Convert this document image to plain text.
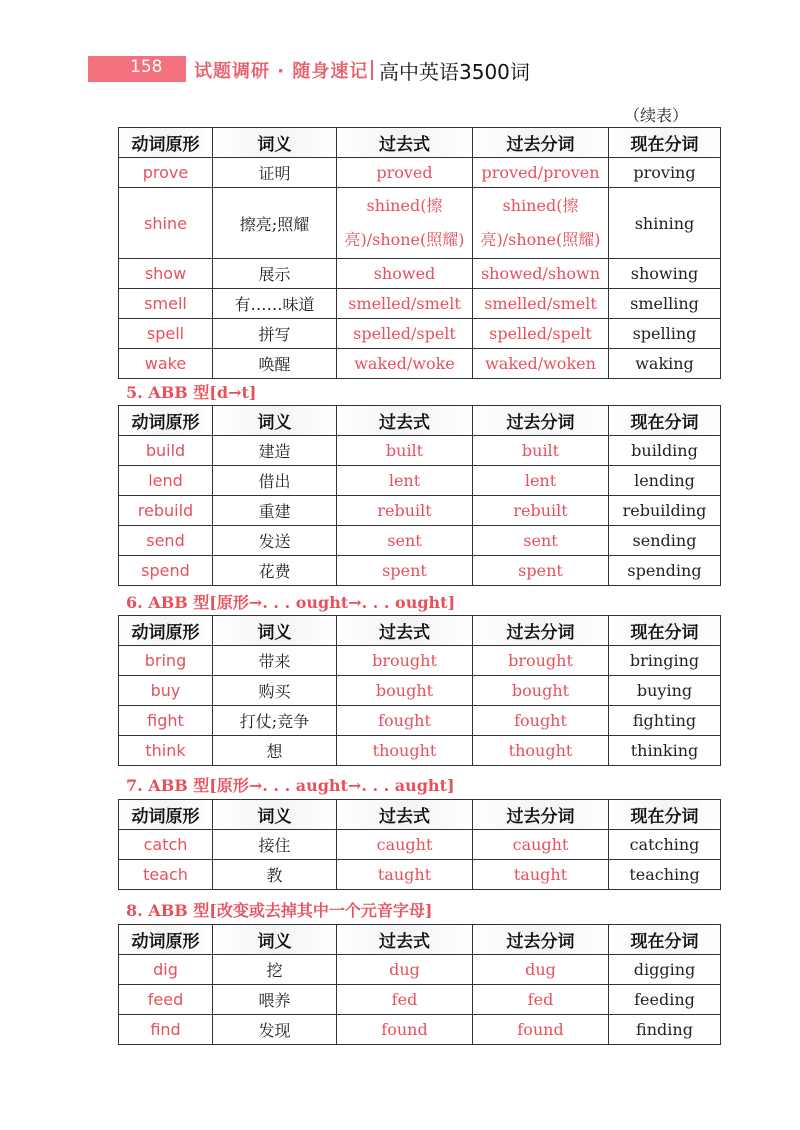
158 试题调研 · 随身速记 高中英语3500词
（续表）
动词原形	词义	过去式	过去分词	现在分词
prove	证明	proved	proved/proven	proving
shine	擦亮;照耀	shined(擦亮)/shone(照耀)	shined(擦亮)/shone(照耀)	shining
show	展示	showed	showed/shown	showing
smell	有……味道	smelled/smelt	smelled/smelt	smelling
spell	拼写	spelled/spelt	spelled/spelt	spelling
wake	唤醒	waked/woke	waked/woken	waking
5. ABB 型[d→t]
动词原形	词义	过去式	过去分词	现在分词
build	建造	built	built	building
lend	借出	lent	lent	lending
rebuild	重建	rebuilt	rebuilt	rebuilding
send	发送	sent	sent	sending
spend	花费	spent	spent	spending
6. ABB 型[原形→. . . ought→. . . ought]
动词原形	词义	过去式	过去分词	现在分词
bring	带来	brought	brought	bringing
buy	购买	bought	bought	buying
fight	打仗;竞争	fought	fought	fighting
think	想	thought	thought	thinking
7. ABB 型[原形→. . . aught→. . . aught]
动词原形	词义	过去式	过去分词	现在分词
catch	接住	caught	caught	catching
teach	教	taught	taught	teaching
8. ABB 型[改变或去掉其中一个元音字母]
动词原形	词义	过去式	过去分词	现在分词
dig	挖	dug	dug	digging
feed	喂养	fed	fed	feeding
find	发现	found	found	finding
